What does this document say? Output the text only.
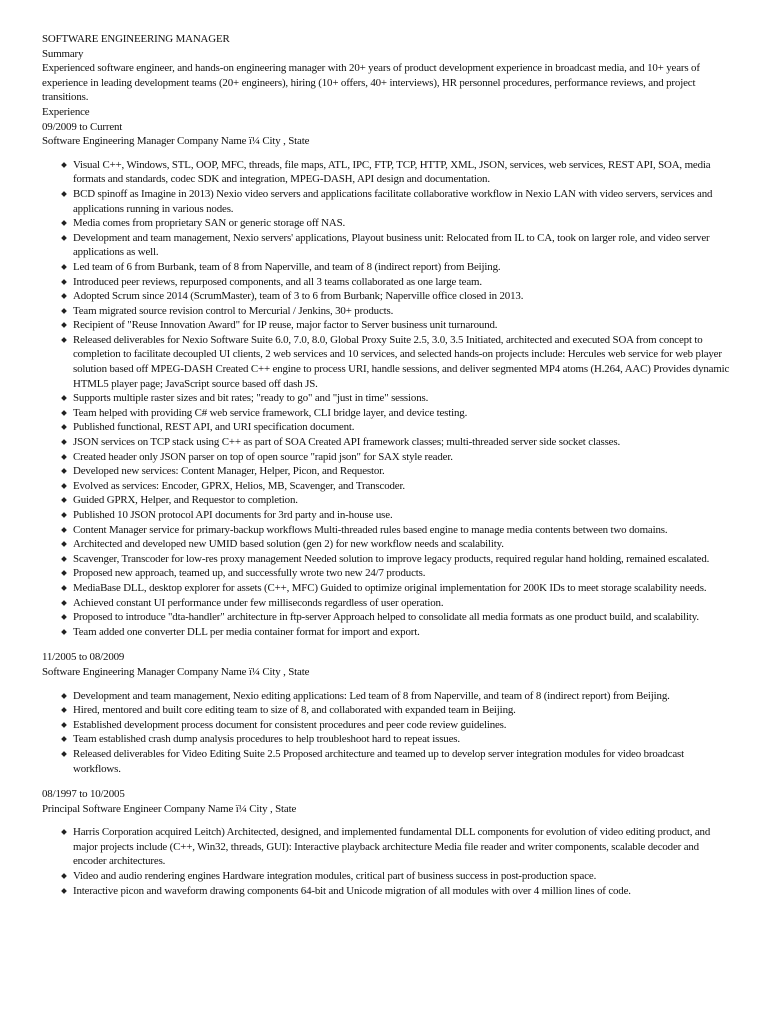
SOFTWARE ENGINEERING MANAGER
Summary
Experienced software engineer, and hands-on engineering manager with 20+ years of product development experience in broadcast media, and 10+ years of experience in leading development teams (20+ engineers), hiring (10+ offers, 40+ interviews), HR personnel procedures, performance reviews, and project transitions.
Experience
09/2009 to Current
Software Engineering Manager Company Name ï¼ City , State
Visual C++, Windows, STL, OOP, MFC, threads, file maps, ATL, IPC, FTP, TCP, HTTP, XML, JSON, services, web services, REST API, SOA, media formats and standards, codec SDK and integration, MPEG-DASH, API design and documentation.
BCD spinoff as Imagine in 2013) Nexio video servers and applications facilitate collaborative workflow in Nexio LAN with video servers, services and applications running in various nodes.
Media comes from proprietary SAN or generic storage off NAS.
Development and team management, Nexio servers' applications, Playout business unit: Relocated from IL to CA, took on larger role, and video server applications as well.
Led team of 6 from Burbank, team of 8 from Naperville, and team of 8 (indirect report) from Beijing.
Introduced peer reviews, repurposed components, and all 3 teams collaborated as one large team.
Adopted Scrum since 2014 (ScrumMaster), team of 3 to 6 from Burbank; Naperville office closed in 2013.
Team migrated source revision control to Mercurial / Jenkins, 30+ products.
Recipient of "Reuse Innovation Award" for IP reuse, major factor to Server business unit turnaround.
Released deliverables for Nexio Software Suite 6.0, 7.0, 8.0, Global Proxy Suite 2.5, 3.0, 3.5 Initiated, architected and executed SOA from concept to completion to facilitate decoupled UI clients, 2 web services and 10 services, and selected hands-on projects include: Hercules web service for web player solution based off MPEG-DASH Created C++ engine to process URI, handle sessions, and deliver segmented MP4 atoms (H.264, AAC) Provides dynamic HTML5 player page; JavaScript source based off dash JS.
Supports multiple raster sizes and bit rates; "ready to go" and "just in time" sessions.
Team helped with providing C# web service framework, CLI bridge layer, and device testing.
Published functional, REST API, and URI specification document.
JSON services on TCP stack using C++ as part of SOA Created API framework classes; multi-threaded server side socket classes.
Created header only JSON parser on top of open source "rapid json" for SAX style reader.
Developed new services: Content Manager, Helper, Picon, and Requestor.
Evolved as services: Encoder, GPRX, Helios, MB, Scavenger, and Transcoder.
Guided GPRX, Helper, and Requestor to completion.
Published 10 JSON protocol API documents for 3rd party and in-house use.
Content Manager service for primary-backup workflows Multi-threaded rules based engine to manage media contents between two domains.
Architected and developed new UMID based solution (gen 2) for new workflow needs and scalability.
Scavenger, Transcoder for low-res proxy management Needed solution to improve legacy products, required regular hand holding, remained escalated.
Proposed new approach, teamed up, and successfully wrote two new 24/7 products.
MediaBase DLL, desktop explorer for assets (C++, MFC) Guided to optimize original implementation for 200K IDs to meet storage scalability needs.
Achieved constant UI performance under few milliseconds regardless of user operation.
Proposed to introduce "dta-handler" architecture in ftp-server Approach helped to consolidate all media formats as one product build, and scalability.
Team added one converter DLL per media container format for import and export.
11/2005 to 08/2009
Software Engineering Manager Company Name ï¼ City , State
Development and team management, Nexio editing applications: Led team of 8 from Naperville, and team of 8 (indirect report) from Beijing.
Hired, mentored and built core editing team to size of 8, and collaborated with expanded team in Beijing.
Established development process document for consistent procedures and peer code review guidelines.
Team established crash dump analysis procedures to help troubleshoot hard to repeat issues.
Released deliverables for Video Editing Suite 2.5 Proposed architecture and teamed up to develop server integration modules for video broadcast workflows.
08/1997 to 10/2005
Principal Software Engineer Company Name ï¼ City , State
Harris Corporation acquired Leitch) Architected, designed, and implemented fundamental DLL components for evolution of video editing product, and major projects include (C++, Win32, threads, GUI): Interactive playback architecture Media file reader and writer components, scalable decoder and encoder architectures.
Video and audio rendering engines Hardware integration modules, critical part of business success in post-production space.
Interactive picon and waveform drawing components 64-bit and Unicode migration of all modules with over 4 million lines of code.
